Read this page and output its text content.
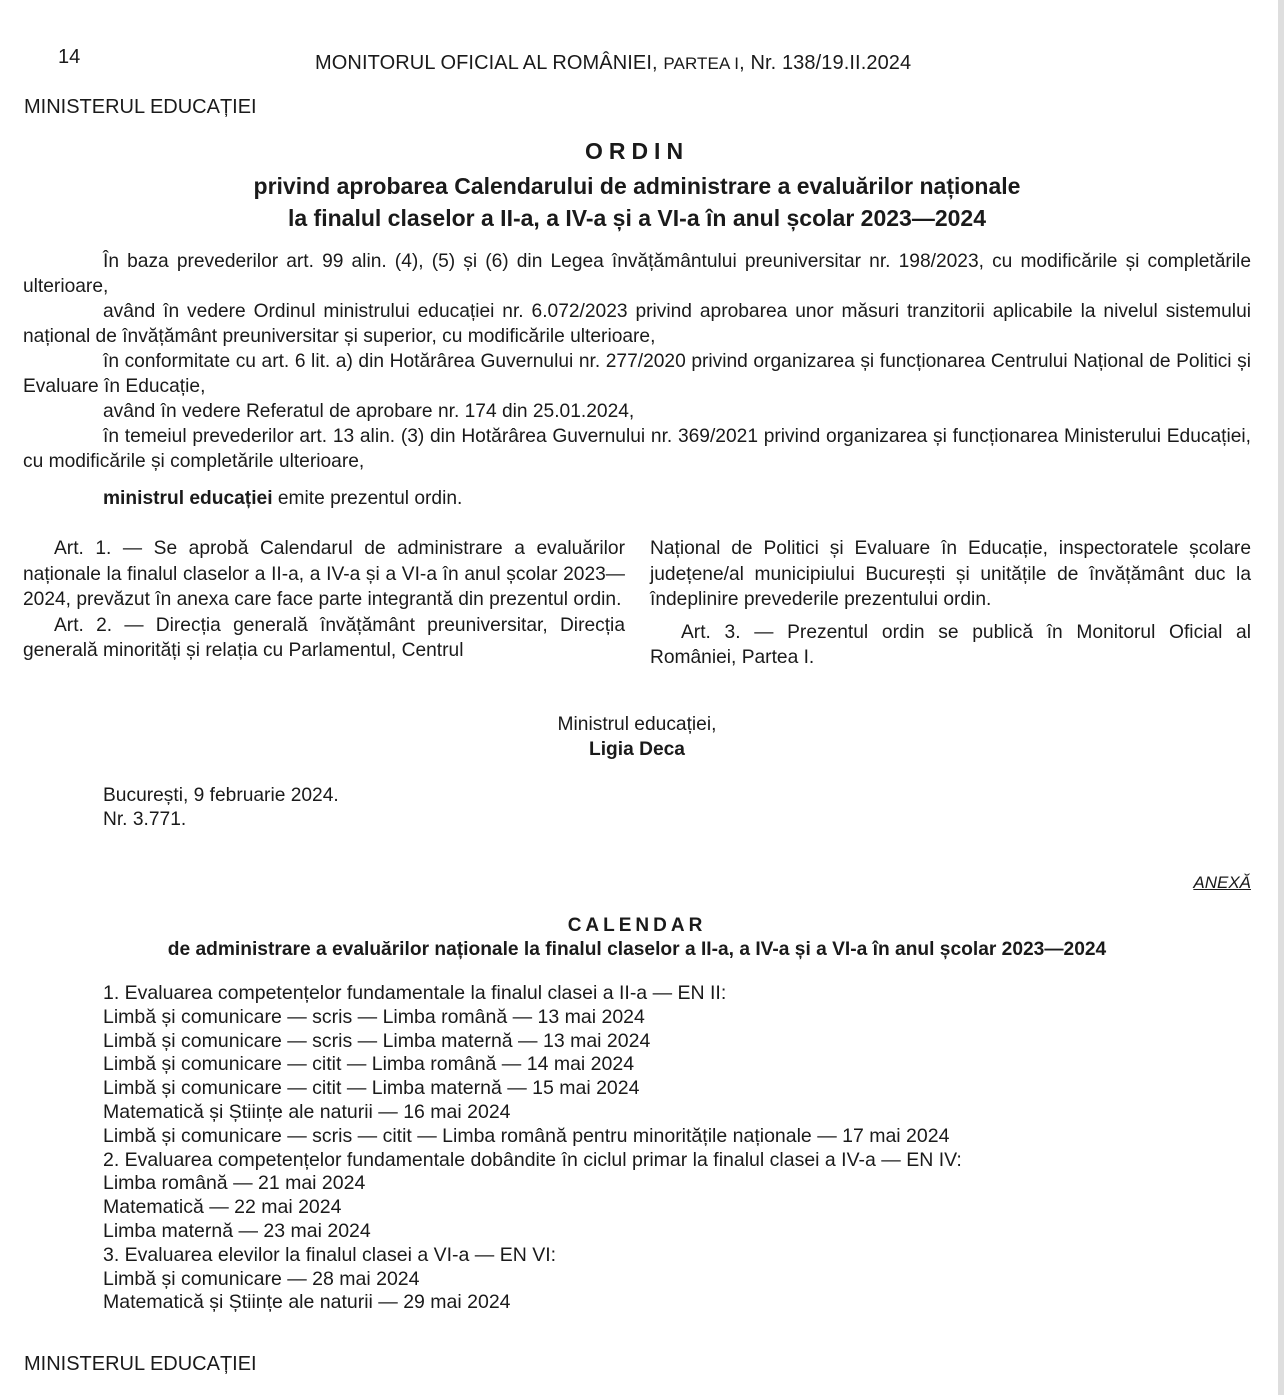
14	MONITORUL OFICIAL AL ROMÂNIEI, PARTEA I, Nr. 138/19.II.2024
MINISTERUL EDUCAȚIEI
ORDIN
privind aprobarea Calendarului de administrare a evaluărilor naționale
la finalul claselor a II-a, a IV-a și a VI-a în anul școlar 2023—2024

În baza prevederilor art. 99 alin. (4), (5) și (6) din Legea învățământului preuniversitar nr. 198/2023, cu modificările și completările ulterioare,

având în vedere Ordinul ministrului educației nr. 6.072/2023 privind aprobarea unor măsuri tranzitorii aplicabile la nivelul sistemului național de învățământ preuniversitar și superior, cu modificările ulterioare,

în conformitate cu art. 6 lit. a) din Hotărârea Guvernului nr. 277/2020 privind organizarea și funcționarea Centrului Național de Politici și Evaluare în Educație,

având în vedere Referatul de aprobare nr. 174 din 25.01.2024,

în temeiul prevederilor art. 13 alin. (3) din Hotărârea Guvernului nr. 369/2021 privind organizarea și funcționarea Ministerului Educației, cu modificările și completările ulterioare,

ministrul educației emite prezentul ordin.

Art. 1. — Se aprobă Calendarul de administrare a evaluărilor naționale la finalul claselor a II-a, a IV-a și a VI-a în anul școlar 2023—2024, prevăzut în anexa care face parte integrantă din prezentul ordin.

Art. 2. — Direcția generală învățământ preuniversitar, Direcția generală minorități și relația cu Parlamentul, Centrul

Național de Politici și Evaluare în Educație, inspectoratele școlare județene/al municipiului București și unitățile de învățământ duc la îndeplinire prevederile prezentului ordin.

Art. 3. — Prezentul ordin se publică în Monitorul Oficial al României, Partea I.

Ministrul educației,
Ligia Deca
București, 9 februarie 2024.
Nr. 3.771.
ANEXĂ
CALENDAR
de administrare a evaluărilor naționale la finalul claselor a II-a, a IV-a și a VI-a în anul școlar 2023—2024
1. Evaluarea competențelor fundamentale la finalul clasei a II-a — EN II:
Limbă și comunicare — scris — Limba română — 13 mai 2024
Limbă și comunicare — scris — Limba maternă — 13 mai 2024
Limbă și comunicare — citit — Limba română — 14 mai 2024
Limbă și comunicare — citit — Limba maternă — 15 mai 2024
Matematică și Științe ale naturii — 16 mai 2024
Limbă și comunicare — scris — citit — Limba română pentru minoritățile naționale — 17 mai 2024
2. Evaluarea competențelor fundamentale dobândite în ciclul primar la finalul clasei a IV-a — EN IV:
Limba română — 21 mai 2024
Matematică — 22 mai 2024
Limba maternă — 23 mai 2024
3. Evaluarea elevilor la finalul clasei a VI-a — EN VI:
Limbă și comunicare — 28 mai 2024
Matematică și Științe ale naturii — 29 mai 2024
MINISTERUL EDUCAȚIEI
